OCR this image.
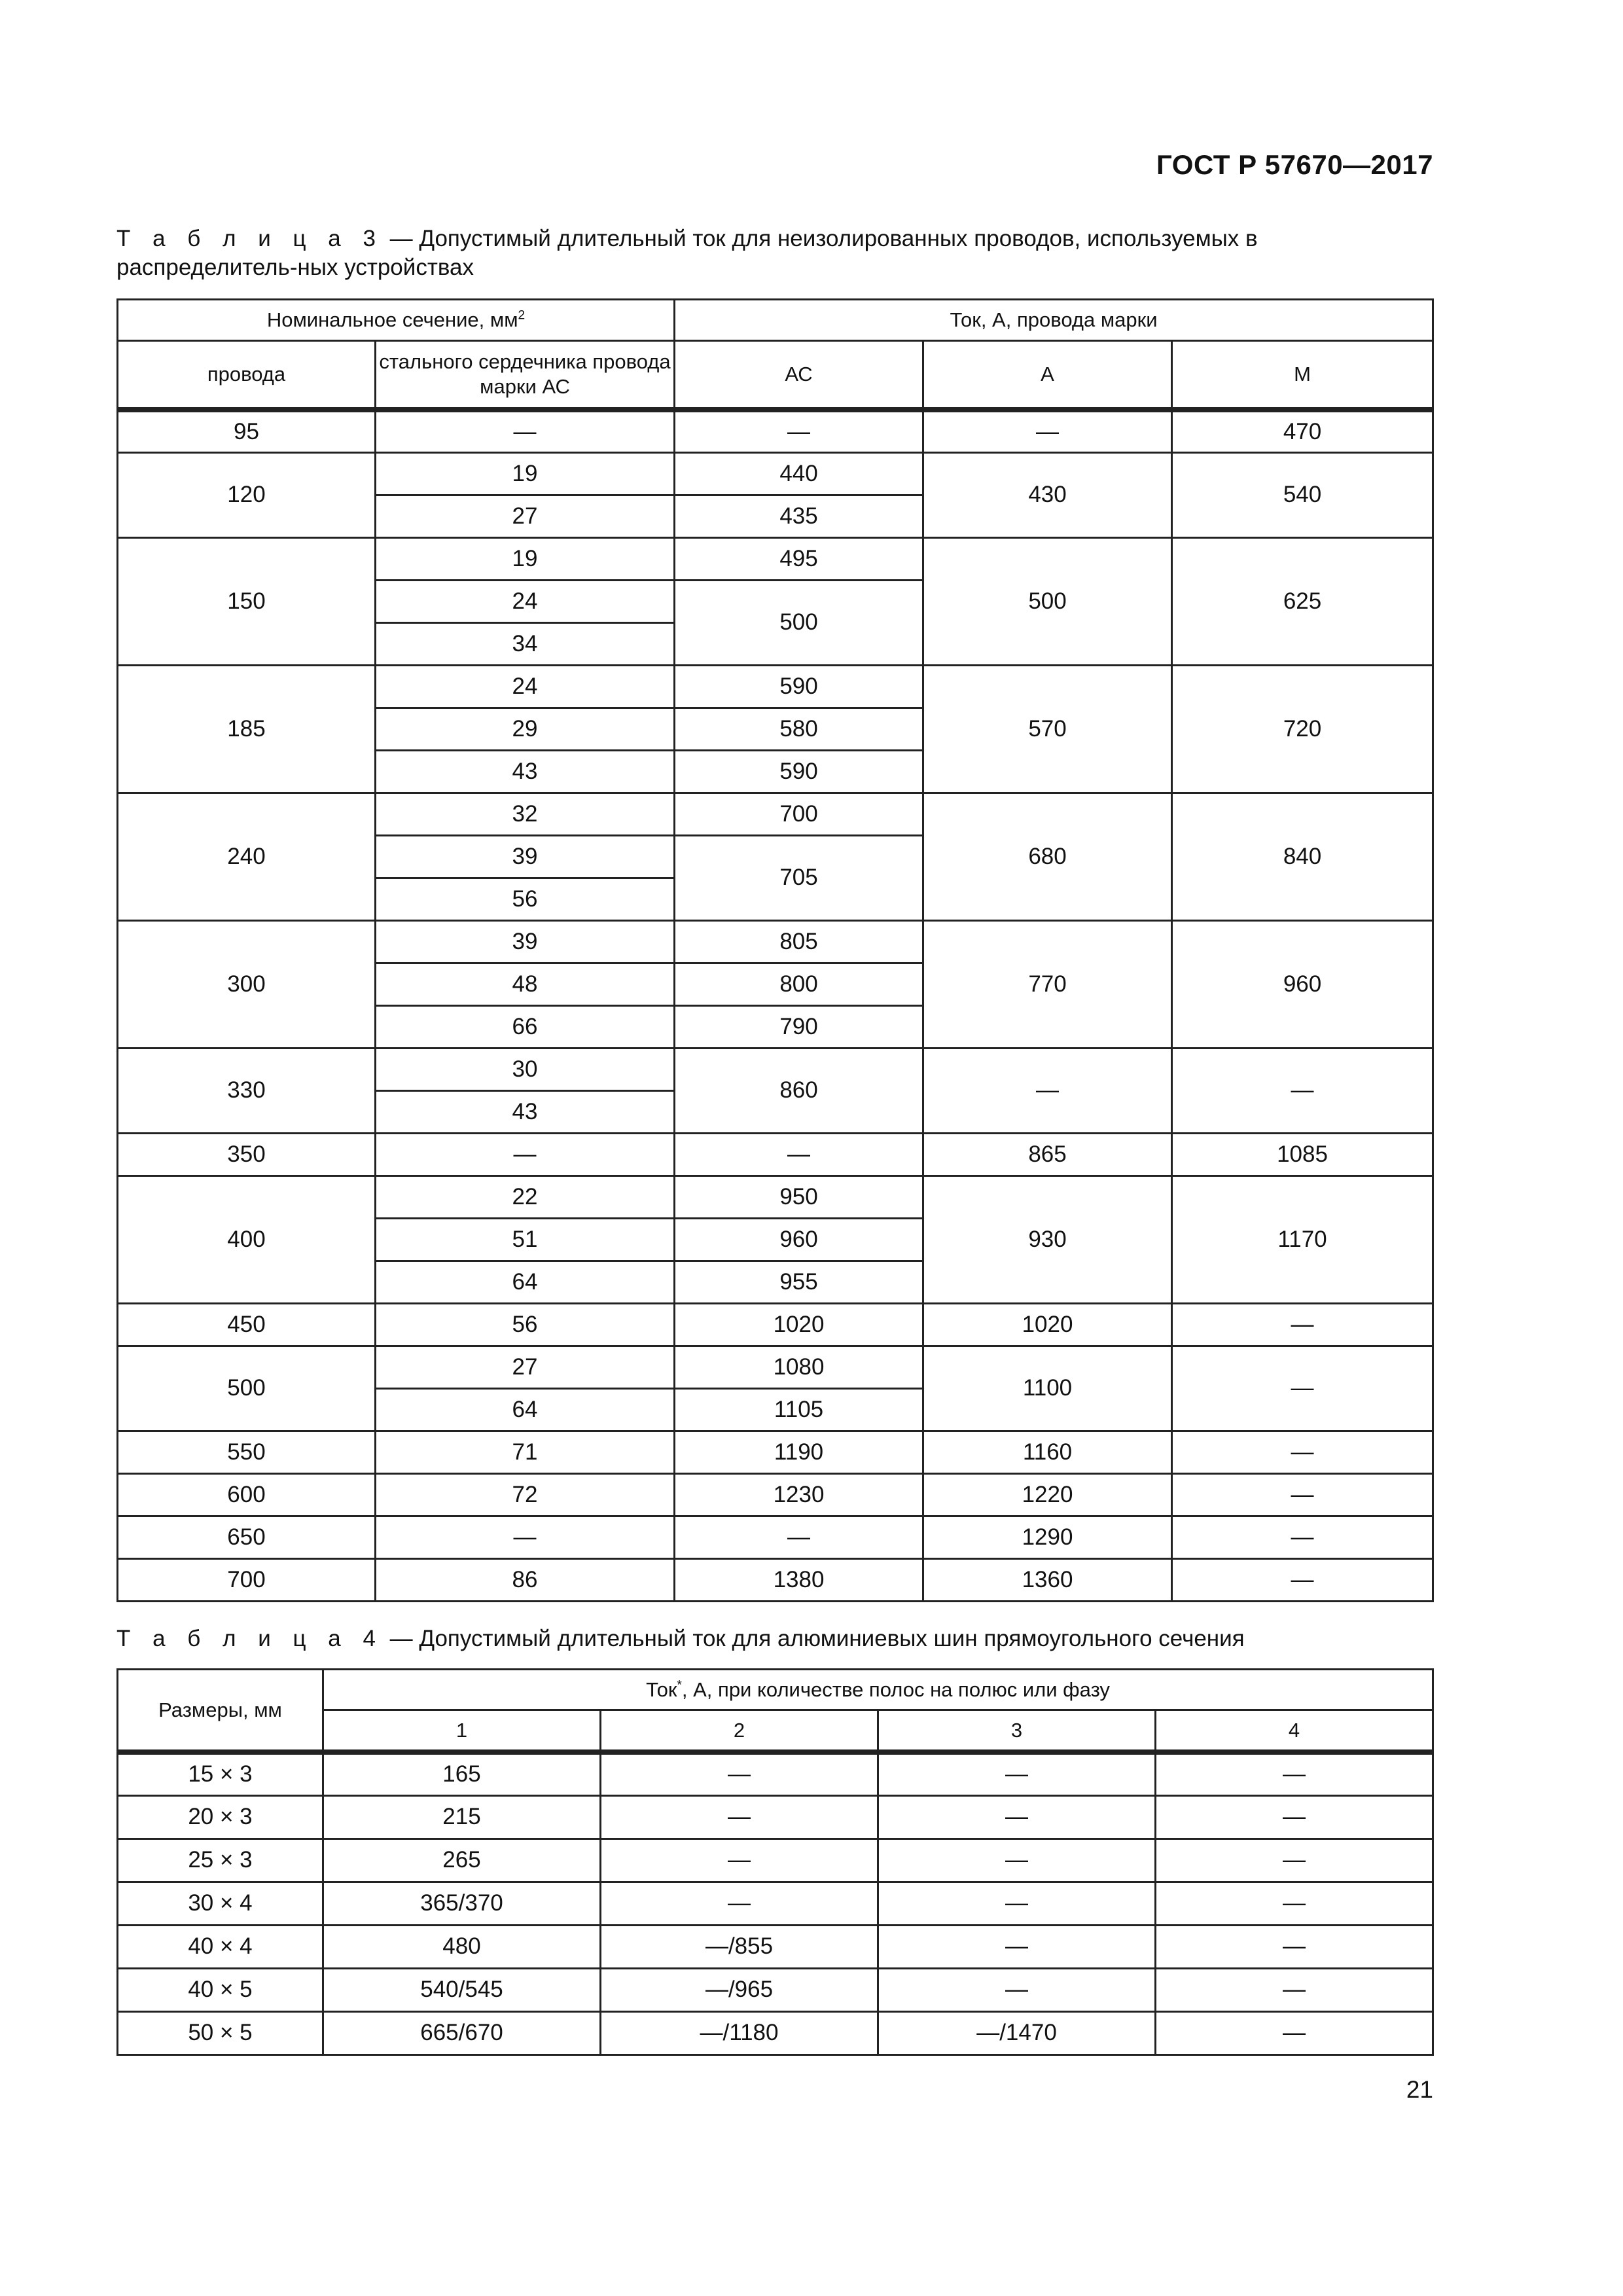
ГОСТ Р 57670—2017
Т а б л и ц а 3 — Допустимый длительный ток для неизолированных проводов, используемых в распределитель-ных устройствах
Номинальное сечение, $мм^2$		Ток, А, провода марки		
провода	стального сердечника провода марки АС	АС	А	М
95	—	—	—	470
120	19	440	430	540
	27	435		
150	19	495	500	625
	24	500		
	34			
185	24	590	570	720
	29	580		
	43	590		
240	32	700	680	840
	39	705		
	56			
300	39	805	770	960
	48	800		
	66	790		
330	30	860	—	—
	43			
350	—	—	865	1085
400	22	950	930	1170
	51	960		
	64	955		
450	56	1020	1020	—
500	27	1080	1100	—
	64	1105		
550	71	1190	1160	—
600	72	1230	1220	—
650	—	—	1290	—
700	86	1380	1360	—
Т а б л и ц а 4 — Допустимый длительный ток для алюминиевых шин прямоугольного сечения
Размеры, мм	Ток*, А, при количестве полос на полюс или фазу			
	1	2	3	4
15 × 3	165	—	—	—
20 × 3	215	—	—	—
25 × 3	265	—	—	—
30 × 4	365/370	—	—	—
40 × 4	480	—/855	—	—
40 × 5	540/545	—/965	—	—
50 × 5	665/670	—/1180	—/1470	—
21
